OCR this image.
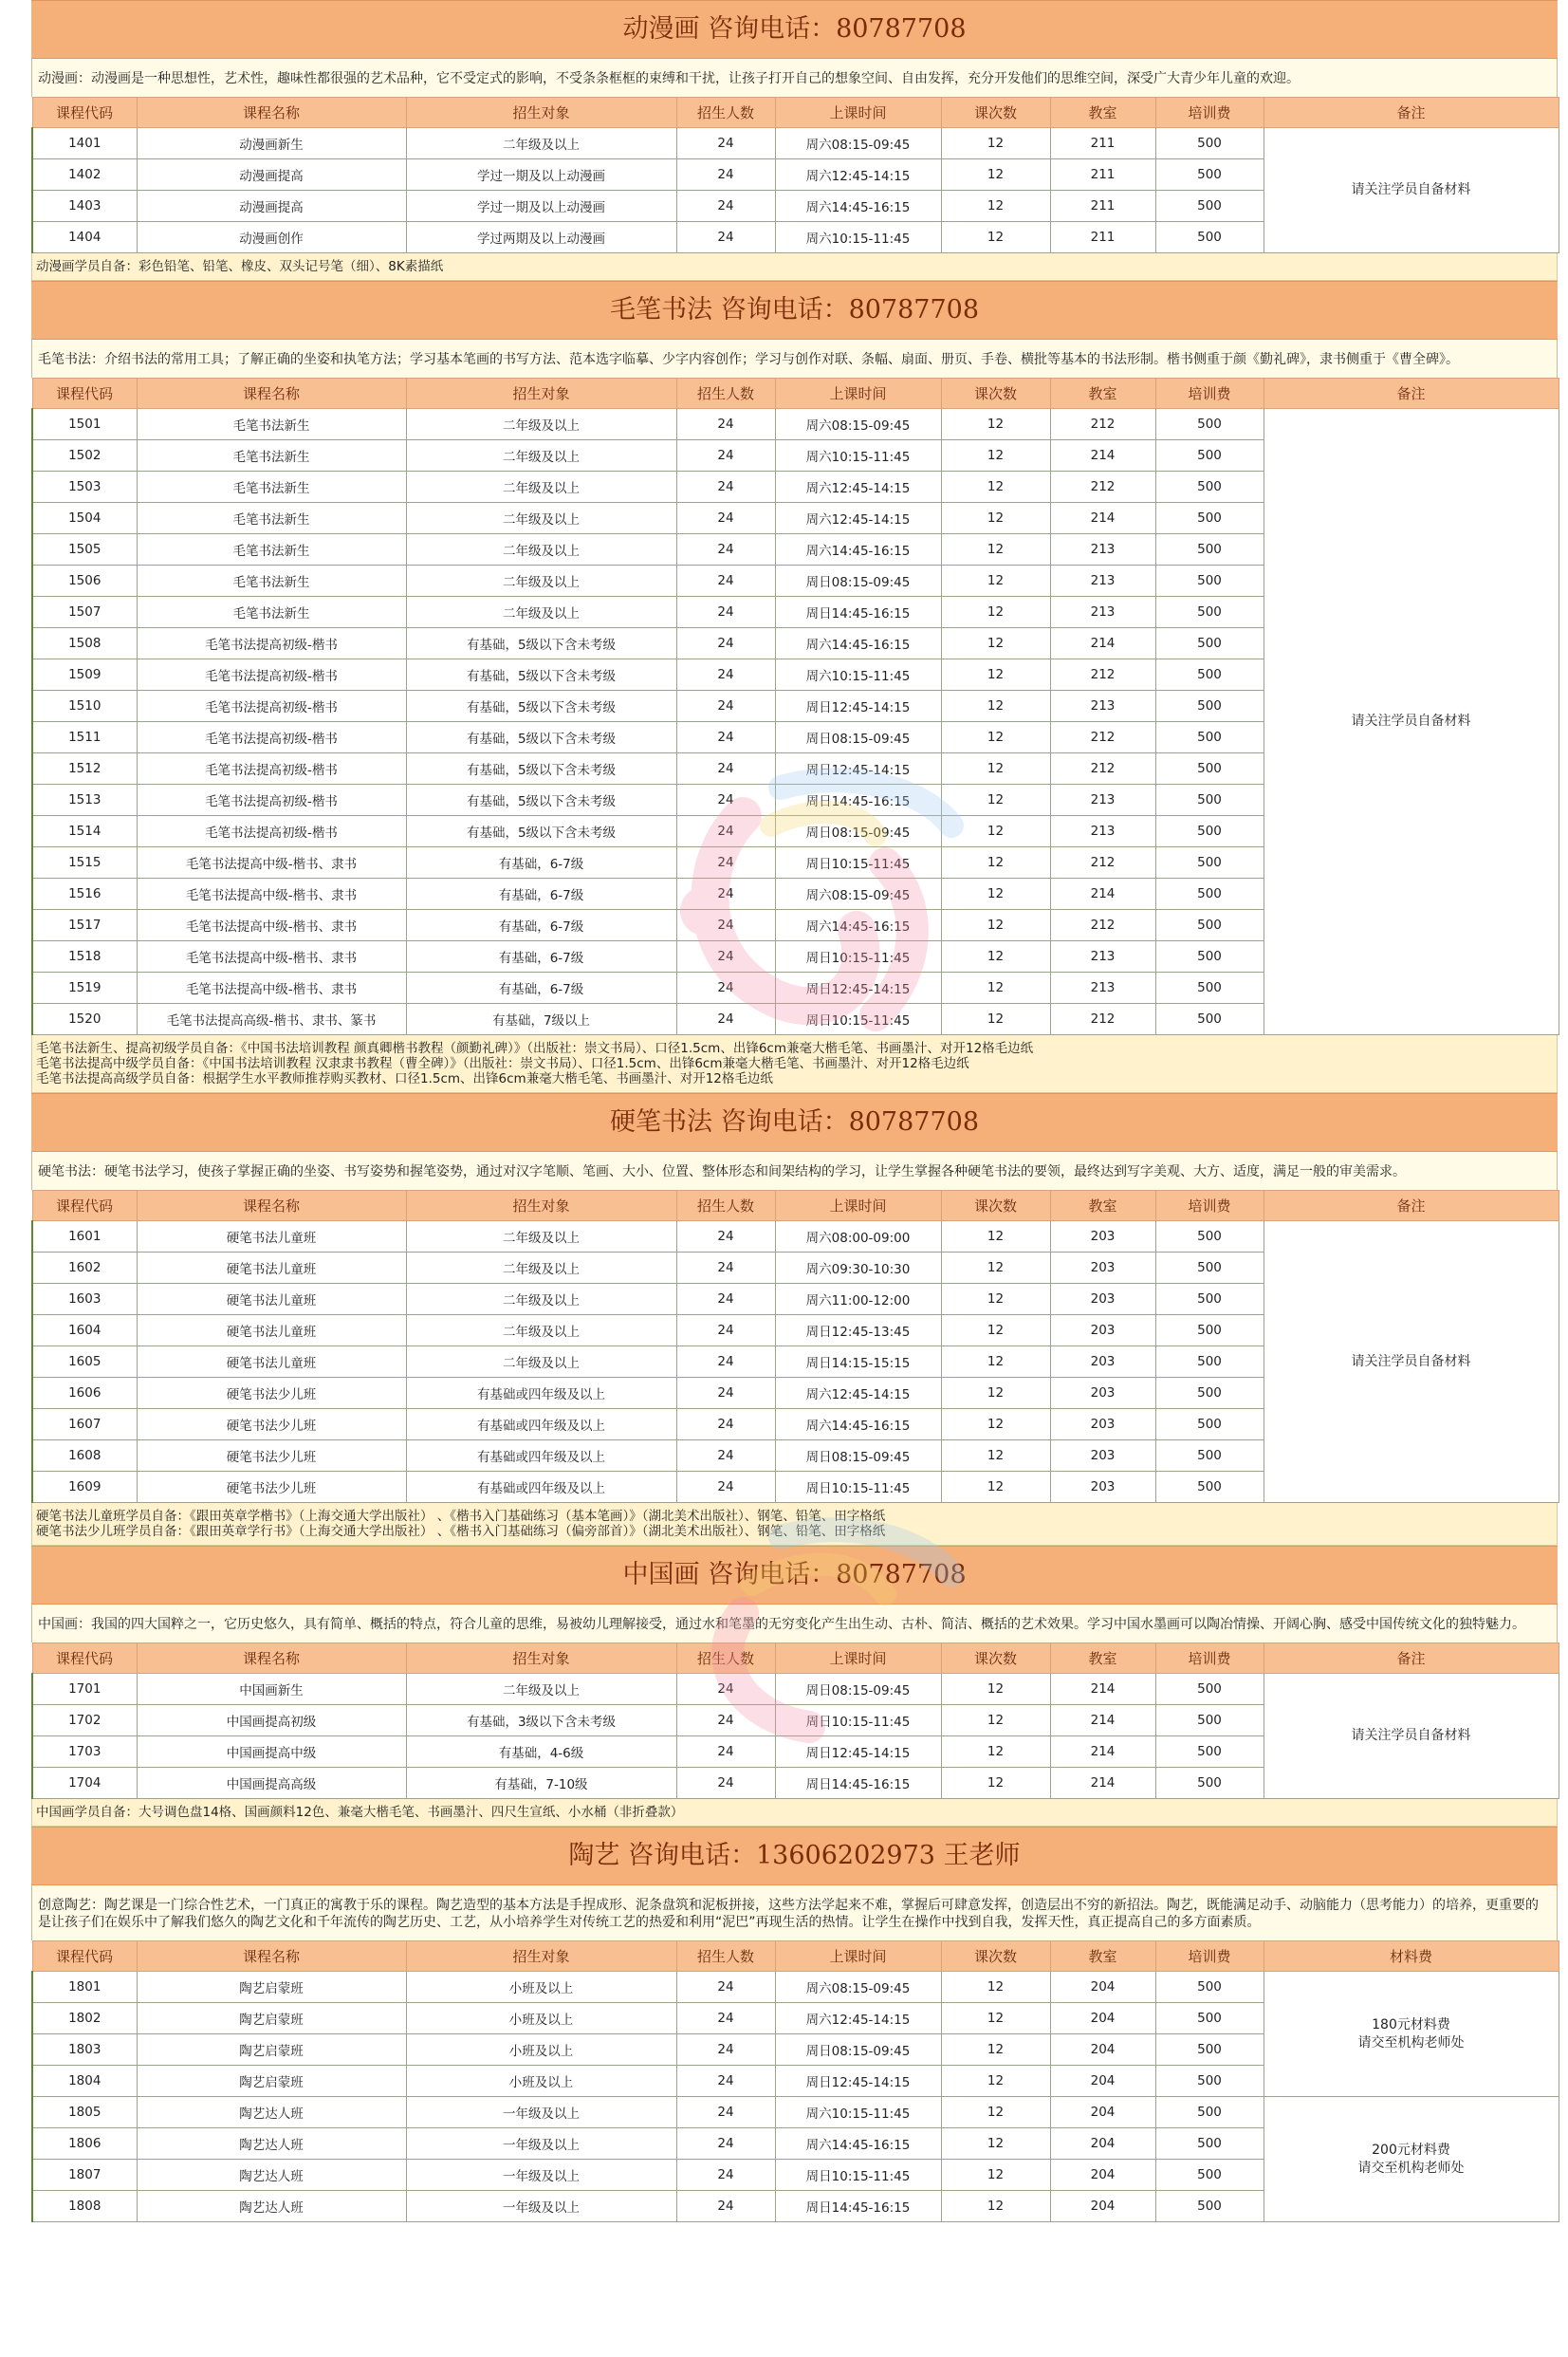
动漫画 咨询电话：80787708
动漫画：动漫画是一种思想性，艺术性，趣味性都很强的艺术品种，它不受定式的影响，不受条条框框的束缚和干扰，让孩子打开自己的想象空间、自由发挥，充分开发他们的思维空间，深受广大青少年儿童的欢迎。
课程代码	课程名称	招生对象	招生人数	上课时间	课次数	教室	培训费	备注
1401	动漫画新生	二年级及以上	24	周六08:15-09:45	12	211	500	请关注学员自备材料
1402	动漫画提高	学过一期及以上动漫画	24	周六12:45-14:15	12	211	500	
1403	动漫画提高	学过一期及以上动漫画	24	周六14:45-16:15	12	211	500	
1404	动漫画创作	学过两期及以上动漫画	24	周六10:15-11:45	12	211	500	
动漫画学员自备：彩色铅笔、铅笔、橡皮、双头记号笔（细）、8K素描纸
毛笔书法 咨询电话：80787708
毛笔书法：介绍书法的常用工具；了解正确的坐姿和执笔方法；学习基本笔画的书写方法、范本选字临摹、少字内容创作；学习与创作对联、条幅、扇面、册页、手卷、横批等基本的书法形制。楷书侧重于颜《勤礼碑》，隶书侧重于《曹全碑》。
课程代码	课程名称	招生对象	招生人数	上课时间	课次数	教室	培训费	备注
1501	毛笔书法新生	二年级及以上	24	周六08:15-09:45	12	212	500	请关注学员自备材料
1502	毛笔书法新生	二年级及以上	24	周六10:15-11:45	12	214	500	
1503	毛笔书法新生	二年级及以上	24	周六12:45-14:15	12	212	500	
1504	毛笔书法新生	二年级及以上	24	周六12:45-14:15	12	214	500	
1505	毛笔书法新生	二年级及以上	24	周六14:45-16:15	12	213	500	
1506	毛笔书法新生	二年级及以上	24	周日08:15-09:45	12	213	500	
1507	毛笔书法新生	二年级及以上	24	周日14:45-16:15	12	213	500	
1508	毛笔书法提高初级-楷书	有基础，5级以下含未考级	24	周六14:45-16:15	12	214	500	
1509	毛笔书法提高初级-楷书	有基础，5级以下含未考级	24	周六10:15-11:45	12	212	500	
1510	毛笔书法提高初级-楷书	有基础，5级以下含未考级	24	周日12:45-14:15	12	213	500	
1511	毛笔书法提高初级-楷书	有基础，5级以下含未考级	24	周日08:15-09:45	12	212	500	
1512	毛笔书法提高初级-楷书	有基础，5级以下含未考级	24	周日12:45-14:15	12	212	500	
1513	毛笔书法提高初级-楷书	有基础，5级以下含未考级	24	周日14:45-16:15	12	213	500	
1514	毛笔书法提高初级-楷书	有基础，5级以下含未考级	24	周日08:15-09:45	12	213	500	
1515	毛笔书法提高中级-楷书、隶书	有基础，6-7级	24	周日10:15-11:45	12	212	500	
1516	毛笔书法提高中级-楷书、隶书	有基础，6-7级	24	周六08:15-09:45	12	214	500	
1517	毛笔书法提高中级-楷书、隶书	有基础，6-7级	24	周六14:45-16:15	12	212	500	
1518	毛笔书法提高中级-楷书、隶书	有基础，6-7级	24	周日10:15-11:45	12	213	500	
1519	毛笔书法提高中级-楷书、隶书	有基础，6-7级	24	周日12:45-14:15	12	213	500	
1520	毛笔书法提高高级-楷书、隶书、篆书	有基础，7级以上	24	周日10:15-11:45	12	212	500	
毛笔书法新生、提高初级学员自备：《中国书法培训教程 颜真卿楷书教程（颜勤礼碑）》（出版社：崇文书局）、口径1.5cm、出锋6cm兼毫大楷毛笔、书画墨汁、对开12格毛边纸
毛笔书法提高中级学员自备：《中国书法培训教程 汉隶隶书教程（曹全碑）》（出版社：崇文书局）、口径1.5cm、出锋6cm兼毫大楷毛笔、书画墨汁、对开12格毛边纸
毛笔书法提高高级学员自备：根据学生水平教师推荐购买教材、口径1.5cm、出锋6cm兼毫大楷毛笔、书画墨汁、对开12格毛边纸
硬笔书法 咨询电话：80787708
硬笔书法：硬笔书法学习，使孩子掌握正确的坐姿、书写姿势和握笔姿势，通过对汉字笔顺、笔画、大小、位置、整体形态和间架结构的学习，让学生掌握各种硬笔书法的要领，最终达到写字美观、大方、适度，满足一般的审美需求。
课程代码	课程名称	招生对象	招生人数	上课时间	课次数	教室	培训费	备注
1601	硬笔书法儿童班	二年级及以上	24	周六08:00-09:00	12	203	500	请关注学员自备材料
1602	硬笔书法儿童班	二年级及以上	24	周六09:30-10:30	12	203	500	
1603	硬笔书法儿童班	二年级及以上	24	周六11:00-12:00	12	203	500	
1604	硬笔书法儿童班	二年级及以上	24	周日12:45-13:45	12	203	500	
1605	硬笔书法儿童班	二年级及以上	24	周日14:15-15:15	12	203	500	
1606	硬笔书法少儿班	有基础或四年级及以上	24	周六12:45-14:15	12	203	500	
1607	硬笔书法少儿班	有基础或四年级及以上	24	周六14:45-16:15	12	203	500	
1608	硬笔书法少儿班	有基础或四年级及以上	24	周日08:15-09:45	12	203	500	
1609	硬笔书法少儿班	有基础或四年级及以上	24	周日10:15-11:45	12	203	500	
硬笔书法儿童班学员自备：《跟田英章学楷书》（上海交通大学出版社） 、《楷书入门基础练习（基本笔画）》（湖北美术出版社）、钢笔、铅笔、田字格纸
硬笔书法少儿班学员自备：《跟田英章学行书》（上海交通大学出版社） 、《楷书入门基础练习（偏旁部首）》（湖北美术出版社）、钢笔、铅笔、田字格纸
中国画 咨询电话：80787708
中国画：我国的四大国粹之一，它历史悠久，具有简单、概括的特点，符合儿童的思维，易被幼儿理解接受，通过水和笔墨的无穷变化产生出生动、古朴、简洁、概括的艺术效果。学习中国水墨画可以陶冶情操、开阔心胸、感受中国传统文化的独特魅力。
课程代码	课程名称	招生对象	招生人数	上课时间	课次数	教室	培训费	备注
1701	中国画新生	二年级及以上	24	周日08:15-09:45	12	214	500	请关注学员自备材料
1702	中国画提高初级	有基础，3级以下含未考级	24	周日10:15-11:45	12	214	500	
1703	中国画提高中级	有基础，4-6级	24	周日12:45-14:15	12	214	500	
1704	中国画提高高级	有基础，7-10级	24	周日14:45-16:15	12	214	500	
中国画学员自备：大号调色盘14格、国画颜料12色、兼毫大楷毛笔、书画墨汁、四尺生宣纸、小水桶（非折叠款）
陶艺 咨询电话：13606202973 王老师
创意陶艺：陶艺课是一门综合性艺术，一门真正的寓教于乐的课程。陶艺造型的基本方法是手捏成形、泥条盘筑和泥板拼接，这些方法学起来不难，掌握后可肆意发挥，创造层出不穷的新招法。陶艺，既能满足动手、动脑能力（思考能力）的培养，更重要的是让孩子们在娱乐中了解我们悠久的陶艺文化和千年流传的陶艺历史、工艺，从小培养学生对传统工艺的热爱和利用“泥巴”再现生活的热情。让学生在操作中找到自我，发挥天性，真正提高自己的多方面素质。
课程代码	课程名称	招生对象	招生人数	上课时间	课次数	教室	培训费	材料费
1801	陶艺启蒙班	小班及以上	24	周六08:15-09:45	12	204	500	180元材料费
请交至机构老师处
1802	陶艺启蒙班	小班及以上	24	周六12:45-14:15	12	204	500	
1803	陶艺启蒙班	小班及以上	24	周日08:15-09:45	12	204	500	
1804	陶艺启蒙班	小班及以上	24	周日12:45-14:15	12	204	500	
1805	陶艺达人班	一年级及以上	24	周六10:15-11:45	12	204	500	200元材料费
请交至机构老师处
1806	陶艺达人班	一年级及以上	24	周六14:45-16:15	12	204	500	
1807	陶艺达人班	一年级及以上	24	周日10:15-11:45	12	204	500	
1808	陶艺达人班	一年级及以上	24	周日14:45-16:15	12	204	500	
